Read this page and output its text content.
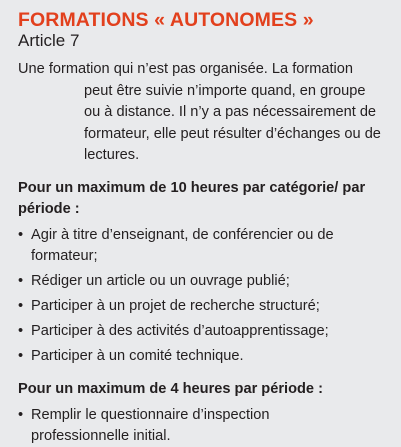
FORMATIONS « AUTONOMES »
Article 7

Une formation qui n’est pas organisée. La formation
peut être suivie n’importe quand, en groupe
ou à distance. Il n’y a pas nécessairement de
formateur, elle peut résulter d’échanges ou de
lectures.

Pour un maximum de 10 heures par catégorie/ par
période :
• Agir à titre d’enseignant, de conférencier ou de
formateur;
• Rédiger un article ou un ouvrage publié;
• Participer à un projet de recherche structuré;
• Participer à des activités d’autoapprentissage;
• Participer à un comité technique.
Pour un maximum de 4 heures par période :
• Remplir le questionnaire d’inspection
professionnelle initial.
